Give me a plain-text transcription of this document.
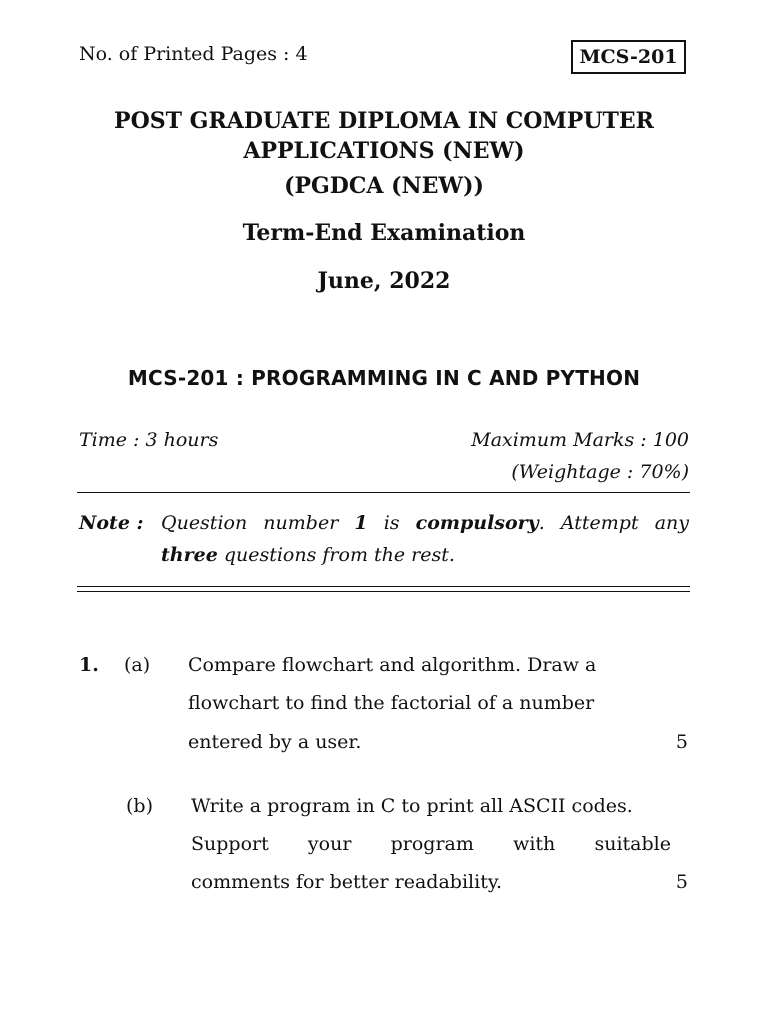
No. of Printed Pages : 4	MCS-201
POST GRADUATE DIPLOMA IN COMPUTER
APPLICATIONS (NEW)
(PGDCA (NEW))
Term-End Examination
June, 2022
MCS-201 : PROGRAMMING IN C AND PYTHON
Time : 3 hours	Maximum Marks : 100
(Weightage : 70%)
Note : Question number 1 is compulsory. Attempt any
three questions from the rest.
1. (a) Compare flowchart and algorithm. Draw a
flowchart to find the factorial of a number
entered by a user.	5
(b) Write a program in C to print all ASCII codes.
Support your program with suitable
comments for better readability.	5
